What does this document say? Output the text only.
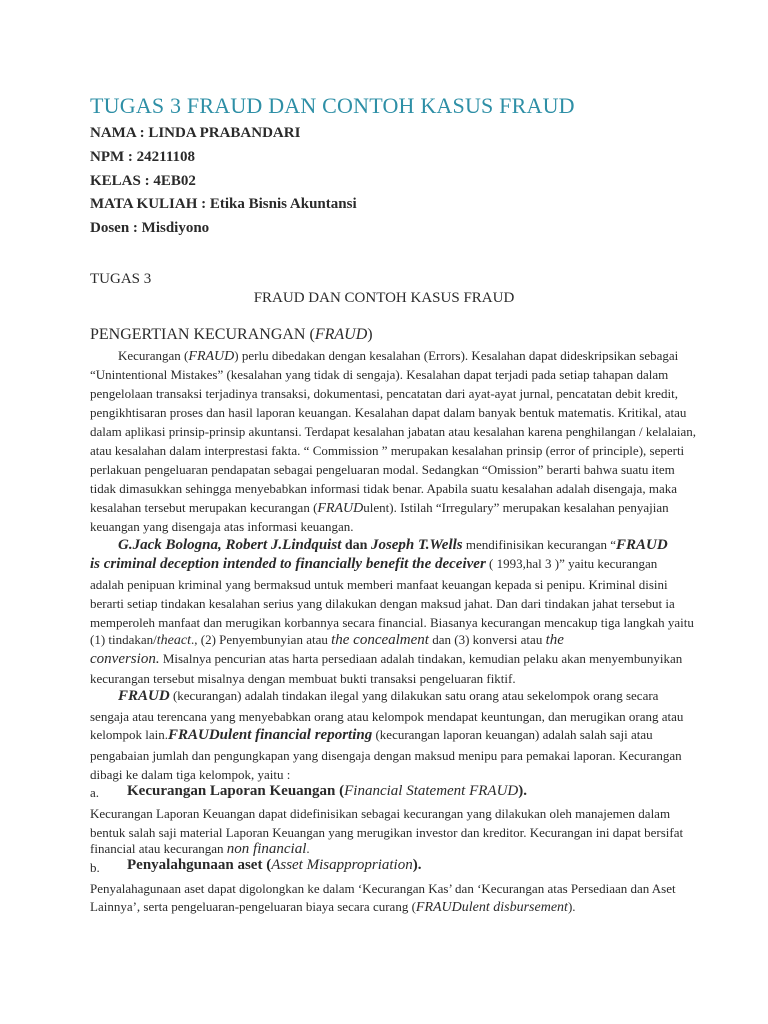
TUGAS 3 FRAUD DAN CONTOH KASUS FRAUD
NAMA : LINDA PRABANDARI
NPM : 24211108
KELAS : 4EB02
MATA KULIAH : Etika Bisnis Akuntansi
Dosen : Misdiyono
TUGAS 3
FRAUD DAN CONTOH KASUS FRAUD
PENGERTIAN KECURANGAN (FRAUD)
Kecurangan (FRAUD) perlu dibedakan dengan kesalahan (Errors). Kesalahan dapat dideskripsikan sebagai
“Unintentional Mistakes” (kesalahan yang tidak di sengaja). Kesalahan dapat terjadi pada setiap tahapan dalam
pengelolaan transaksi terjadinya transaksi, dokumentasi, pencatatan dari ayat-ayat jurnal, pencatatan debit kredit,
pengikhtisaran proses dan hasil laporan keuangan. Kesalahan dapat dalam banyak bentuk matematis. Kritikal, atau
dalam aplikasi prinsip-prinsip akuntansi. Terdapat kesalahan jabatan atau kesalahan karena penghilangan / kelalaian,
atau kesalahan dalam interprestasi fakta. “ Commission ” merupakan kesalahan prinsip (error of principle), seperti
perlakuan pengeluaran pendapatan sebagai pengeluaran modal. Sedangkan “Omission” berarti bahwa suatu item
tidak dimasukkan sehingga menyebabkan informasi tidak benar. Apabila suatu kesalahan adalah disengaja, maka
kesalahan tersebut merupakan kecurangan (FRAUDulent). Istilah “Irregulary” merupakan kesalahan penyajian
keuangan yang disengaja atas informasi keuangan.
G.Jack Bologna, Robert J.Lindquist dan Joseph T.Wells mendifinisikan kecurangan “FRAUD
is criminal deception intended to financially benefit the deceiver ( 1993,hal 3 )” yaitu kecurangan
adalah penipuan kriminal yang bermaksud untuk memberi manfaat keuangan kepada si penipu. Kriminal disini
berarti setiap tindakan kesalahan serius yang dilakukan dengan maksud jahat. Dan dari tindakan jahat tersebut ia
memperoleh manfaat dan merugikan korbannya secara financial. Biasanya kecurangan mencakup tiga langkah yaitu
(1) tindakan/theact., (2) Penyembunyian atau the concealment dan (3) konversi atau the
conversion. Misalnya pencurian atas harta persediaan adalah tindakan, kemudian pelaku akan menyembunyikan
kecurangan tersebut misalnya dengan membuat bukti transaksi pengeluaran fiktif.
FRAUD (kecurangan) adalah tindakan ilegal yang dilakukan satu orang atau sekelompok orang secara
sengaja atau terencana yang menyebabkan orang atau kelompok mendapat keuntungan, dan merugikan orang atau
kelompok lain.FRAUDulent financial reporting (kecurangan laporan keuangan) adalah salah saji atau
pengabaian jumlah dan pengungkapan yang disengaja dengan maksud menipu para pemakai laporan. Kecurangan
dibagi ke dalam tiga kelompok, yaitu :
a. Kecurangan Laporan Keuangan (Financial Statement FRAUD).
Kecurangan Laporan Keuangan dapat didefinisikan sebagai kecurangan yang dilakukan oleh manajemen dalam
bentuk salah saji material Laporan Keuangan yang merugikan investor dan kreditor. Kecurangan ini dapat bersifat
financial atau kecurangan non financial.
b. Penyalahgunaan aset (Asset Misappropriation).
Penyalahagunaan aset dapat digolongkan ke dalam ‘Kecurangan Kas’ dan ‘Kecurangan atas Persediaan dan Aset
Lainnya’, serta pengeluaran-pengeluaran biaya secara curang (FRAUDulent disbursement).
